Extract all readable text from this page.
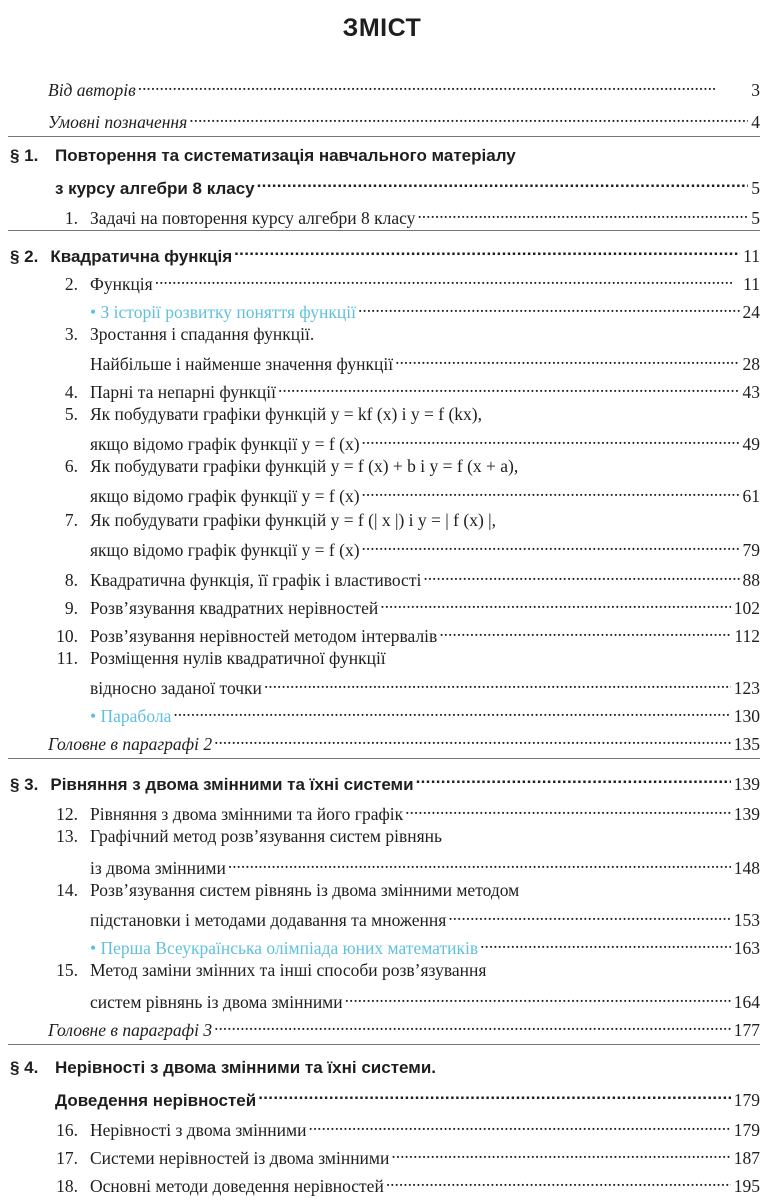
ЗМІСТ
Від авторів . . .	3
Умовні позначення . . .	4
§ 1. Повторення та систематизація навчального матеріалу
з курсу алгебри 8 класу . . .	5
1. Задачі на повторення курсу алгебри 8 класу . . .	5
§ 2. Квадратична функція . . .	11
2. Функція . . .	11
• З історії розвитку поняття функції . . .	24
3. Зростання і спадання функції.
Найбільше і найменше значення функції . . .	28
4. Парні та непарні функції . . .	43
5. Як побудувати графіки функцій y = kf (x) і y = f (kx),
якщо відомо графік функції y = f (x) . . .	49
6. Як побудувати графіки функцій y = f (x) + b і y = f (x + a),
якщо відомо графік функції y = f (x) . . .	61
7. Як побудувати графіки функцій y = f (| x |) і y = | f (x) |,
якщо відомо графік функції y = f (x) . . .	79
8. Квадратична функція, її графік і властивості . . .	88
9. Розв’язування квадратних нерівностей . . .	102
10. Розв’язування нерівностей методом інтервалів . . .	112
11. Розміщення нулів квадратичної функції
відносно заданої точки . . .	123
• Парабола . . .	130
Головне в параграфі 2 . . .	135
§ 3. Рівняння з двома змінними та їхні системи . . .	139
12. Рівняння з двома змінними та його графік . . .	139
13. Графічний метод розв’язування систем рівнянь
із двома змінними . . .	148
14. Розв’язування систем рівнянь із двома змінними методом
підстановки і методами додавання та множення . . .	153
• Перша Всеукраїнська олімпіада юних математиків . . .	163
15. Метод заміни змінних та інші способи розв’язування
систем рівнянь із двома змінними . . .	164
Головне в параграфі 3 . . .	177
§ 4. Нерівності з двома змінними та їхні системи.
Доведення нерівностей . . .	179
16. Нерівності з двома змінними . . .	179
17. Системи нерівностей із двома змінними . . .	187
18. Основні методи доведення нерівностей . . .	195
